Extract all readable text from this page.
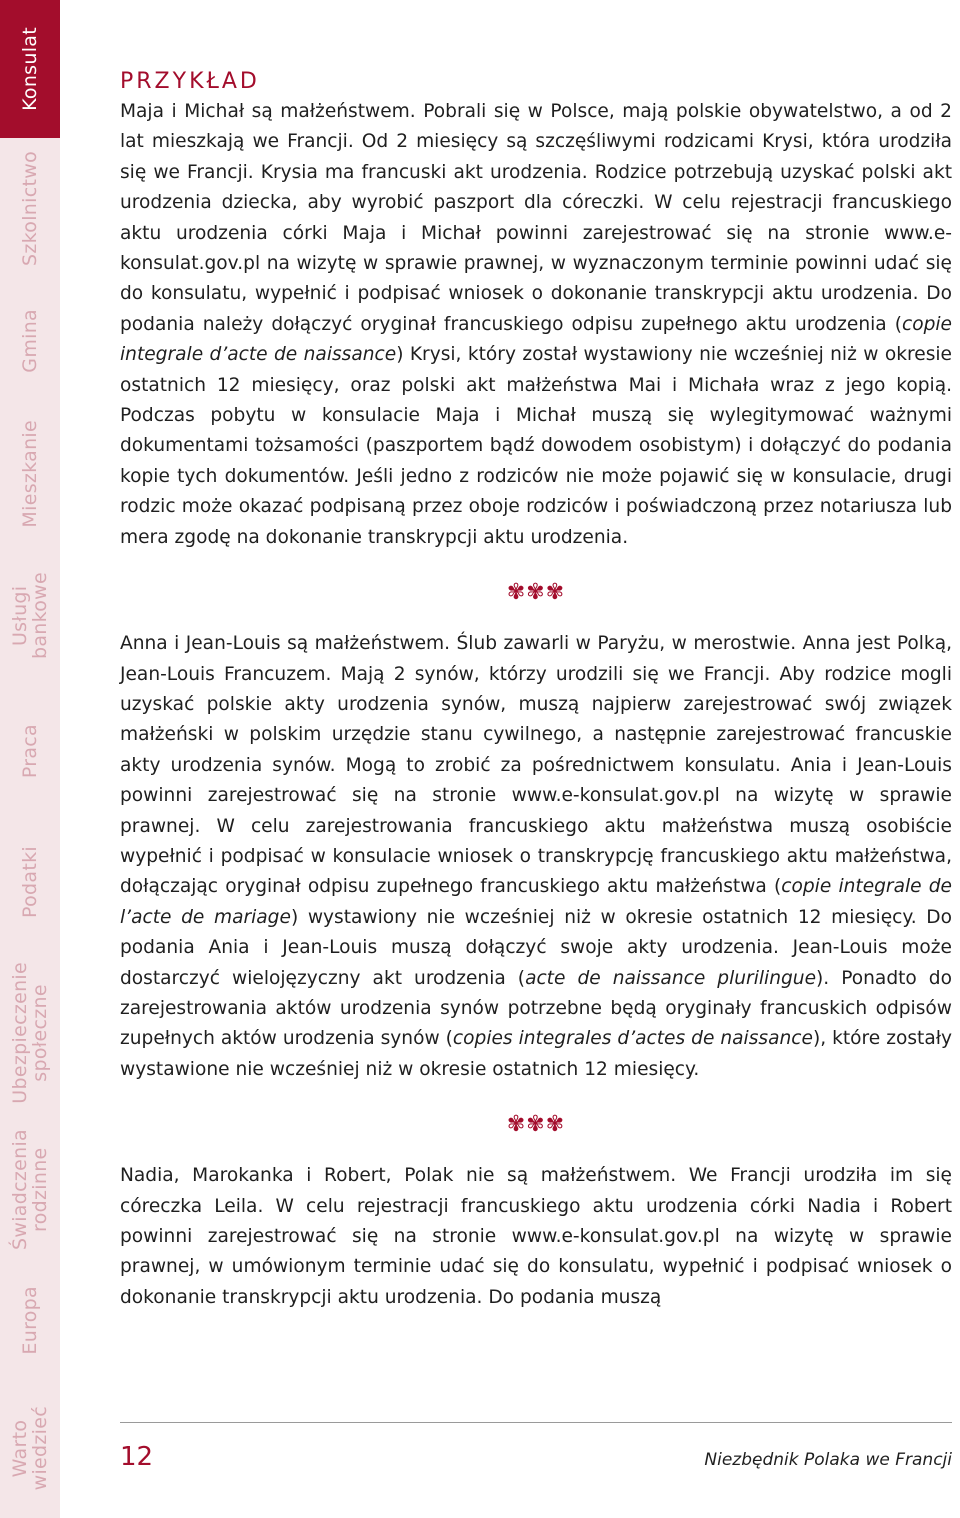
Konsulat
Szkolnictwo
Gmina
Mieszkanie
Usługi
bankowe
Praca
Podatki
Ubezpieczenie
społeczne
Świadczenia
rodzinne
Europa
Warto
wiedzieć
PRZYKŁAD

Maja i Michał są małżeństwem. Pobrali się w Polsce, mają polskie obywatelstwo, a od 2 lat mieszkają we Francji. Od 2 miesięcy są szczęśliwymi rodzicami Krysi, która urodziła się we Francji. Krysia ma francuski akt urodzenia. Rodzice potrzebują uzyskać polski akt urodzenia dziecka, aby wyrobić paszport dla córeczki. W celu rejestracji francuskiego aktu urodzenia córki Maja i Michał powinni zarejestrować się na stronie www.e-konsulat.gov.pl na wizytę w sprawie prawnej, w wyznaczonym terminie powinni udać się do konsulatu, wypełnić i podpisać wniosek o dokonanie transkrypcji aktu urodzenia. Do podania należy dołączyć oryginał francuskiego odpisu zupełnego aktu urodzenia (copie integrale d’acte de naissance) Krysi, który został wystawiony nie wcześniej niż w okresie ostatnich 12 miesięcy, oraz polski akt małżeństwa Mai i Michała wraz z jego kopią. Podczas pobytu w konsulacie Maja i Michał muszą się wylegitymować ważnymi dokumentami tożsamości (paszportem bądź dowodem osobistym) i dołączyć do podania kopie tych dokumentów. Jeśli jedno z rodziców nie może pojawić się w konsulacie, drugi rodzic może okazać podpisaną przez oboje rodziców i poświadczoną przez notariusza lub mera zgodę na dokonanie transkrypcji aktu urodzenia.

✾✾✾

Anna i Jean-Louis są małżeństwem. Ślub zawarli w Paryżu, w merostwie. Anna jest Polką, Jean-Louis Francuzem. Mają 2 synów, którzy urodzili się we Francji. Aby rodzice mogli uzyskać polskie akty urodzenia synów, muszą najpierw zarejestrować swój związek małżeński w polskim urzędzie stanu cywilnego, a następnie zarejestrować francuskie akty urodzenia synów. Mogą to zrobić za pośrednictwem konsulatu. Ania i Jean-Louis powinni zarejestrować się na stronie www.e-konsulat.gov.pl na wizytę w sprawie prawnej. W celu zarejestrowania francuskiego aktu małżeństwa muszą osobiście wypełnić i podpisać w konsulacie wniosek o transkrypcję francuskiego aktu małżeństwa, dołączając oryginał odpisu zupełnego francuskiego aktu małżeństwa (copie integrale de l’acte de mariage) wystawiony nie wcześniej niż w okresie ostatnich 12 miesięcy. Do podania Ania i Jean-Louis muszą dołączyć swoje akty urodzenia. Jean-Louis może dostarczyć wielojęzyczny akt urodzenia (acte de naissance plurilingue). Ponadto do zarejestrowania aktów urodzenia synów potrzebne będą oryginały francuskich odpisów zupełnych aktów urodzenia synów (copies integrales d’actes de naissance), które zostały wystawione nie wcześniej niż w okresie ostatnich 12 miesięcy.

✾✾✾

Nadia, Marokanka i Robert, Polak nie są małżeństwem. We Francji urodziła im się córeczka Leila. W celu rejestracji francuskiego aktu urodzenia córki Nadia i Robert powinni zarejestrować się na stronie www.e-konsulat.gov.pl na wizytę w sprawie prawnej, w umówionym terminie udać się do konsulatu, wypełnić i podpisać wniosek o dokonanie transkrypcji aktu urodzenia. Do podania muszą

12	Niezbędnik Polaka we Francji
